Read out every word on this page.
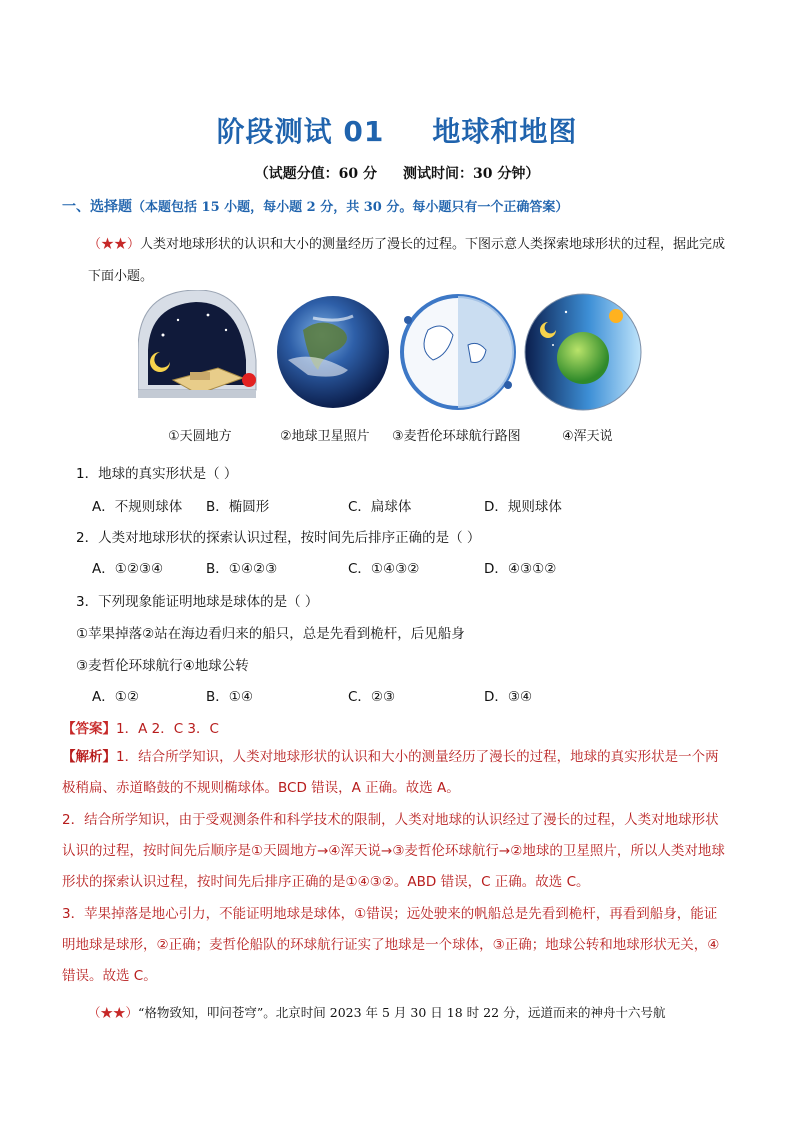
阶段测试 01 地球和地图
（试题分值：60 分 测试时间：30 分钟）
一、选择题（本题包括 15 小题，每小题 2 分，共 30 分。每小题只有一个正确答案）
（★★）人类对地球形状的认识和大小的测量经历了漫长的过程。下图示意人类探索地球形状的过程，据此完成下面小题。
①天圆地方	②地球卫星照片 ③麦哲伦环球航行路图	④浑天说
1．地球的真实形状是（ ）
A．不规则球体 B．椭圆形	C．扁球体	D．规则球体
2．人类对地球形状的探索认识过程，按时间先后排序正确的是（ ）
A．①②③④	B．①④②③	C．①④③②	D．④③①②
3．下列现象能证明地球是球体的是（ ）
①苹果掉落②站在海边看归来的船只，总是先看到桅杆，后见船身
③麦哲伦环球航行④地球公转
A．①②	B．①④	C．②③	D．③④
【答案】1．A 2．C 3．C
【解析】1．结合所学知识，人类对地球形状的认识和大小的测量经历了漫长的过程，地球的真实形状是一个两极稍扁、赤道略鼓的不规则椭球体。BCD 错误，A 正确。故选 A。
2．结合所学知识，由于受观测条件和科学技术的限制，人类对地球的认识经过了漫长的过程，人类对地球形状认识的过程，按时间先后顺序是①天圆地方→④浑天说→③麦哲伦环球航行→②地球的卫星照片，所以人类对地球形状的探索认识过程，按时间先后排序正确的是①④③②。ABD 错误，C 正确。故选 C。
3．苹果掉落是地心引力，不能证明地球是球体，①错误；远处驶来的帆船总是先看到桅杆，再看到船身，能证明地球是球形，②正确；麦哲伦船队的环球航行证实了地球是一个球体，③正确；地球公转和地球形状无关，④错误。故选 C。
（★★）“格物致知，叩问苍穹”。北京时间 2023 年 5 月 30 日 18 时 22 分，远道而来的神舟十六号航
